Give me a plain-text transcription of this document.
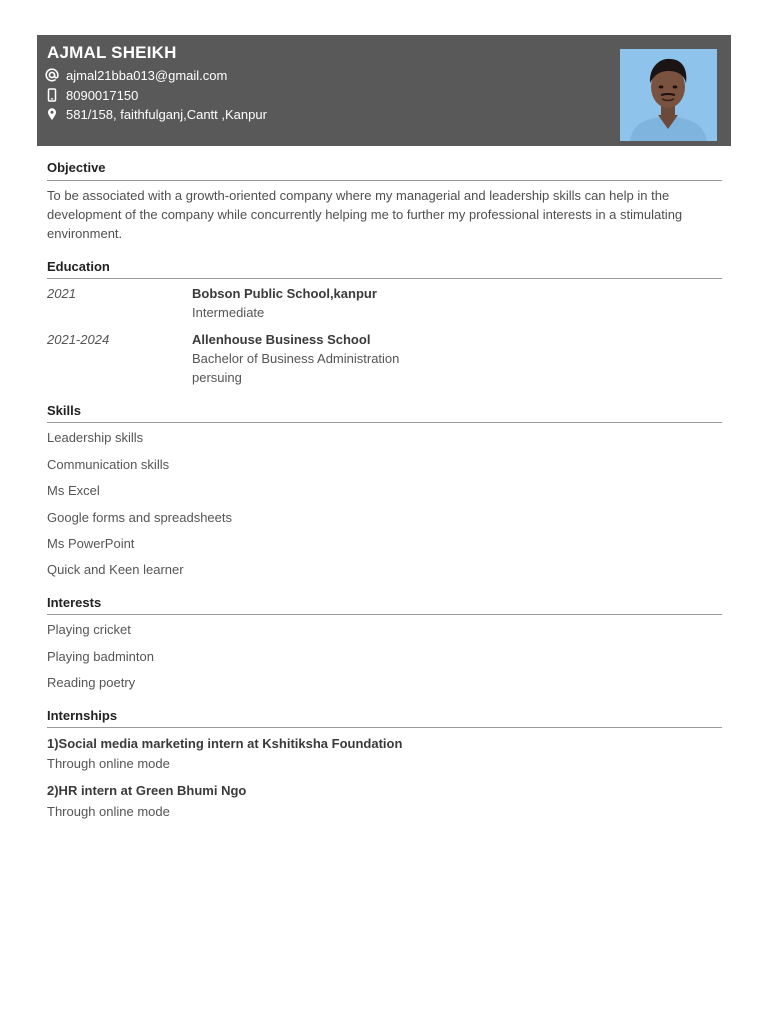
AJMAL SHEIKH
ajmal21bba013@gmail.com
8090017150
581/158, faithfulganj,Cantt ,Kanpur
Objective
To be associated with a growth-oriented company where my managerial and leadership skills can help in the
development of the company while concurrently helping me to further my professional interests in a stimulating
environment.
Education
2021	Bobson Public School,kanpur
Intermediate
2021-2024	Allenhouse Business School
Bachelor of Business Administration
persuing
Skills
Leadership skills
Communication skills
Ms Excel
Google forms and spreadsheets
Ms PowerPoint
Quick and Keen learner
Interests
Playing cricket
Playing badminton
Reading poetry
Internships
1)Social media marketing intern at Kshitiksha Foundation
Through online mode
2)HR intern at Green Bhumi Ngo
Through online mode
